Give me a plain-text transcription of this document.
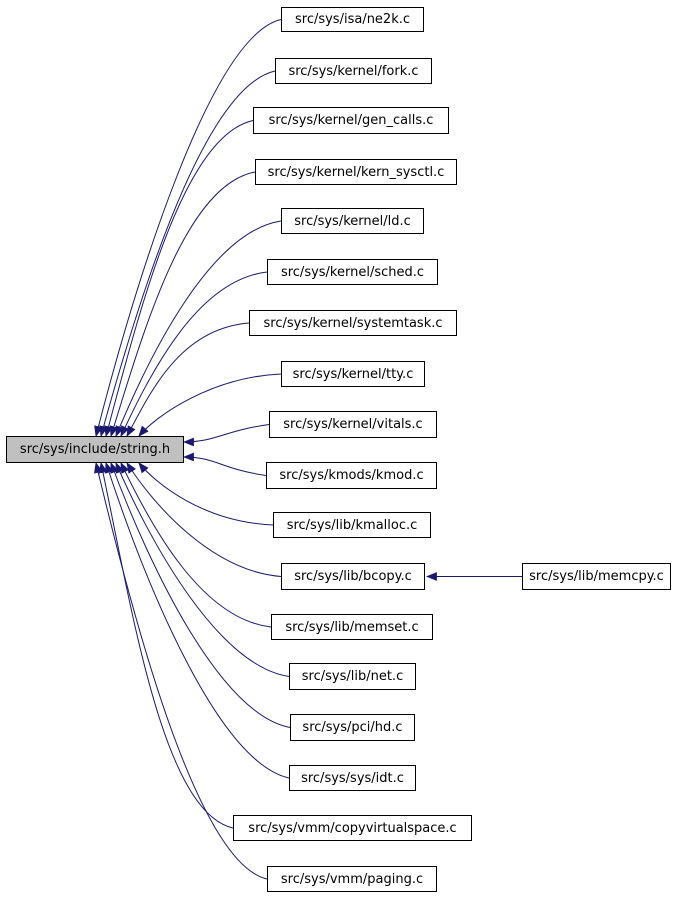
src/sys/include/string.h
src/sys/isa/ne2k.c
src/sys/kernel/fork.c
src/sys/kernel/gen_calls.c
src/sys/kernel/kern_sysctl.c
src/sys/kernel/ld.c
src/sys/kernel/sched.c
src/sys/kernel/systemtask.c
src/sys/kernel/tty.c
src/sys/kernel/vitals.c
src/sys/kmods/kmod.c
src/sys/lib/kmalloc.c
src/sys/lib/bcopy.c	src/sys/lib/memcpy.c
src/sys/lib/memset.c
src/sys/lib/net.c
src/sys/pci/hd.c
src/sys/sys/idt.c
src/sys/vmm/copyvirtualspace.c
src/sys/vmm/paging.c
